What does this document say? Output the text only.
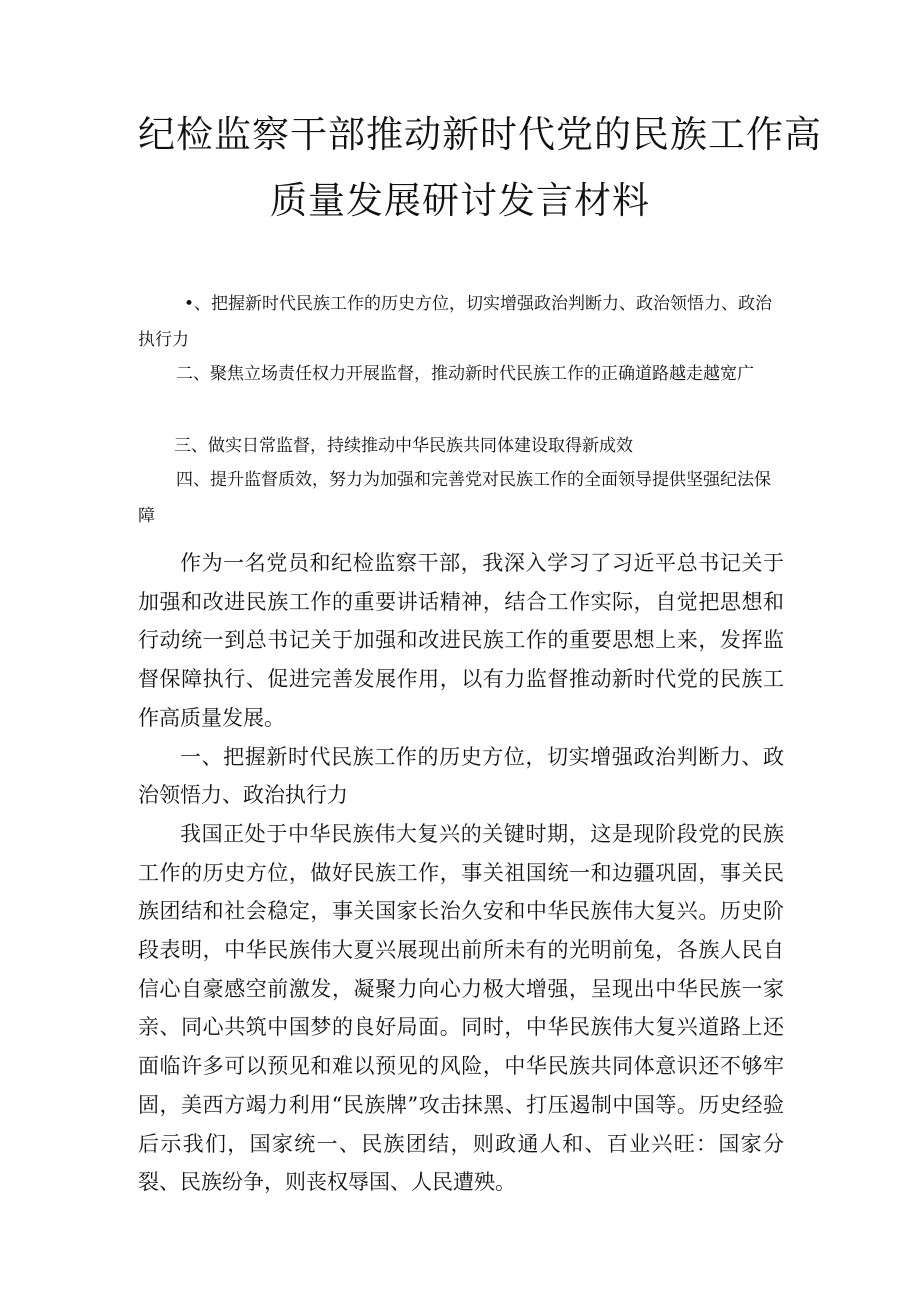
纪检监察干部推动新时代党的民族工作高
质量发展研讨发言材料

•、把握新时代民族工作的历史方位，切实增强政治判断力、政治领悟力、政治执行力

二、聚焦立场责任权力开展监督，推动新时代民族工作的正确道路越走越宽广

三、做实日常监督，持续推动中华民族共同体建设取得新成效

四、提升监督质效，努力为加强和完善党对民族工作的全面领导提供坚强纪法保障

作为一名党员和纪检监察干部，我深入学习了习近平总书记关于加强和改进民族工作的重要讲话精神，结合工作实际，自觉把思想和行动统一到总书记关于加强和改进民族工作的重要思想上来，发挥监督保障执行、促进完善发展作用，以有力监督推动新时代党的民族工作高质量发展。

一、把握新时代民族工作的历史方位，切实增强政治判断力、政治领悟力、政治执行力

我国正处于中华民族伟大复兴的关键时期，这是现阶段党的民族工作的历史方位，做好民族工作，事关祖国统一和边疆巩固，事关民族团结和社会稳定，事关国家长治久安和中华民族伟大复兴。历史阶段表明，中华民族伟大夏兴展现出前所未有的光明前兔，各族人民自信心自豪感空前激发，凝聚力向心力极大增强，呈现出中华民族一家亲、同心共筑中国梦的良好局面。同时，中华民族伟大复兴道路上还面临许多可以预见和难以预见的风险，中华民族共同体意识还不够牢固，美西方竭力利用“民族牌”攻击抹黑、打压遏制中国等。历史经验后示我们，国家统一、民族团结，则政通人和、百业兴旺：国家分裂、民族纷争，则丧权辱国、人民遭殃。
